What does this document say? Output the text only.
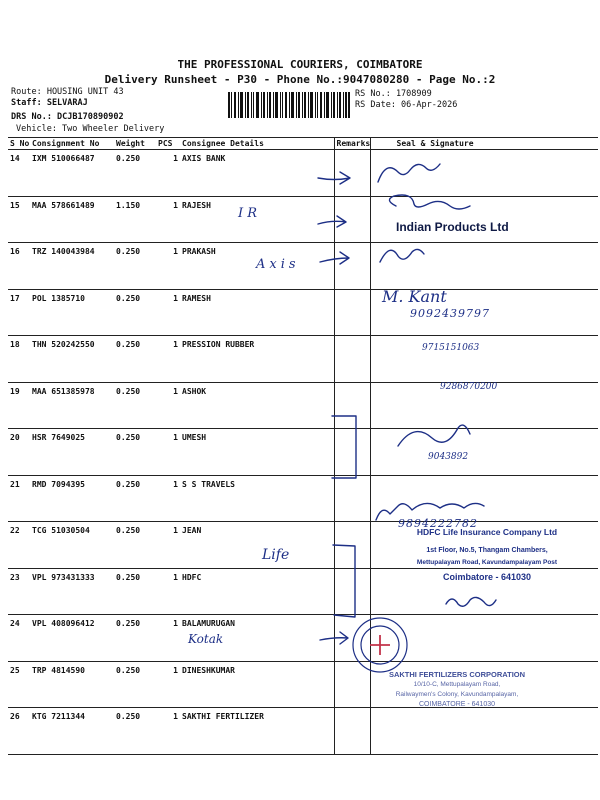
THE PROFESSIONAL COURIERS, COIMBATORE
Delivery Runsheet - P30 - Phone No.:9047080280 - Page No.:2
Route: HOUSING UNIT 43
Staff: SELVARAJ
DRS No.: DCJB170890902
Vehicle: Two Wheeler Delivery
RS No.: 1708909
RS Date: 06-Apr-2026
S No	Consignment No	Weight	PCS	Consignee Details	Remarks	Seal & Signature
14	IXM 510066487	0.250	1	AXIS BANK		
15	MAA 578661489	1.150	1	RAJESH		
16	TRZ 140043984	0.250	1	PRAKASH		
17	POL 1385710	0.250	1	RAMESH		
18	THN 520242550	0.250	1	PRESSION RUBBER		
19	MAA 651385978	0.250	1	ASHOK		
20	HSR 7649025	0.250	1	UMESH		
21	RMD 7094395	0.250	1	S S TRAVELS		
22	TCG 51030504	0.250	1	JEAN		
23	VPL 973431333	0.250	1	HDFC		
24	VPL 408096412	0.250	1	BALAMURUGAN		
25	TRP 4814590	0.250	1	DINESHKUMAR		
26	KTG 7211344	0.250	1	SAKTHI FERTILIZER		
I R
Axis
M. Kant
9092439797
9715151063
9286870200
9043892
9894222782
Life
Kotak
Indian Products Ltd
HDFC Life Insurance Company Ltd
1st Floor, No.5, Thangam Chambers,
Mettupalayam Road, Kavundampalayam Post
Coimbatore - 641030
SAKTHI FERTILIZERS CORPORATION
10/10-C, Mettupalayam Road,
Railwaymen's Colony, Kavundampalayam,
COIMBATORE - 641030
